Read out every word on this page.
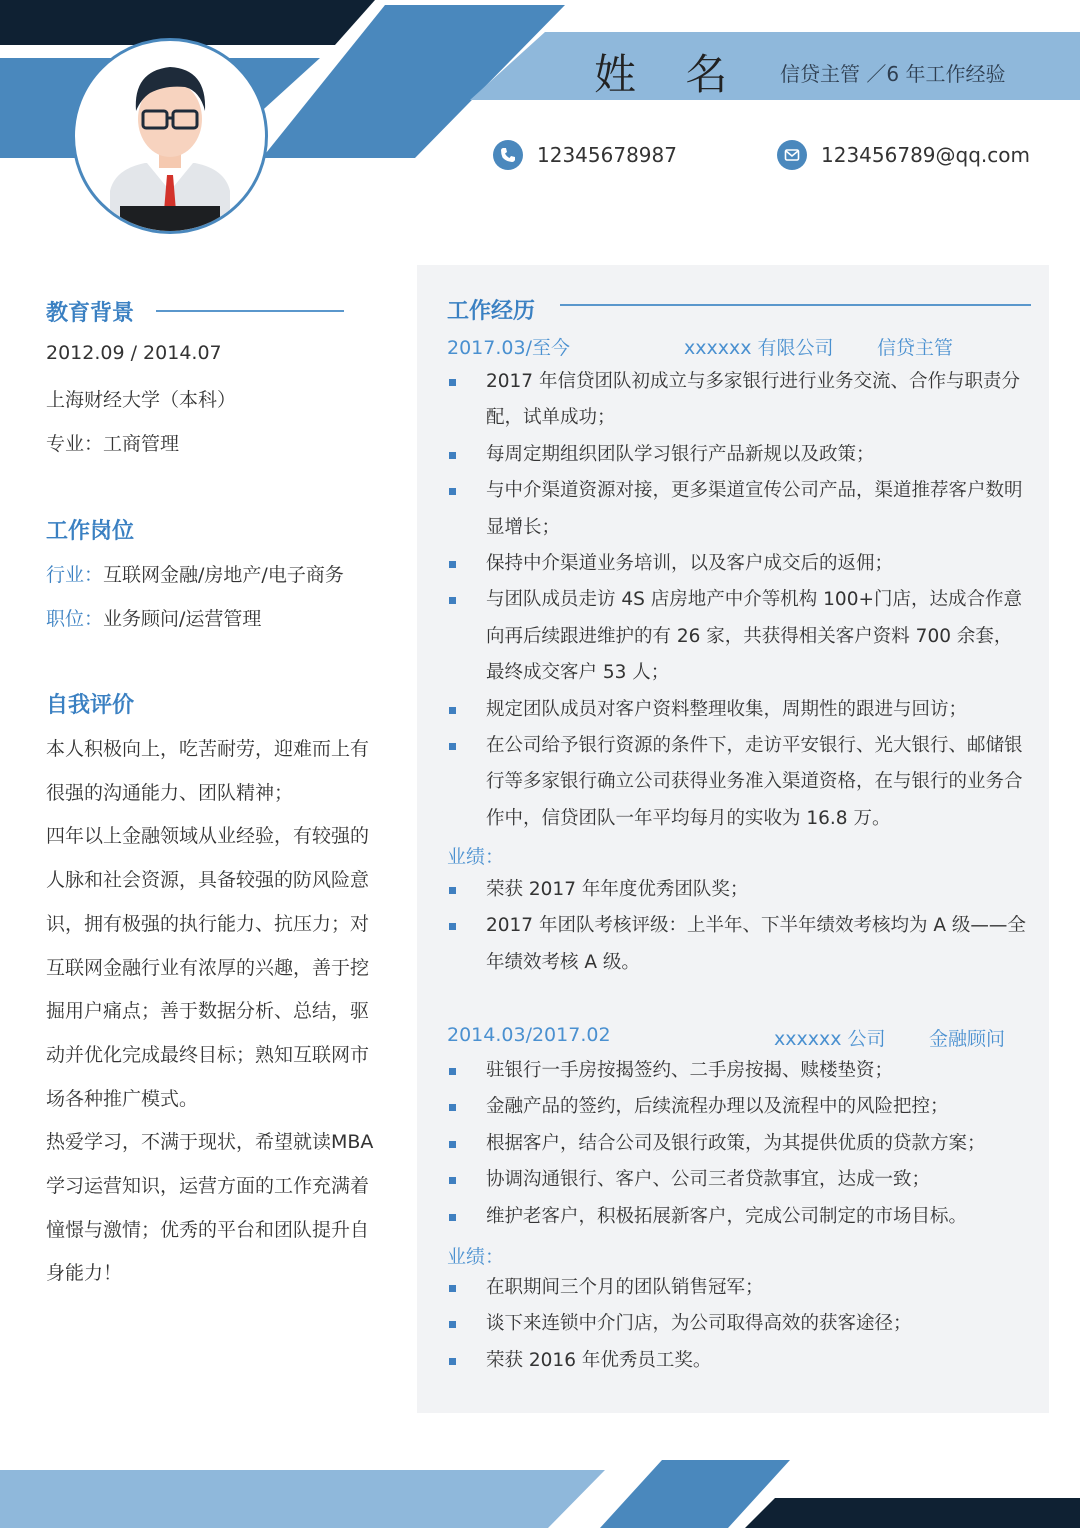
姓 名 信贷主管 ／6 年工作经验
12345678987	123456789@qq.com
教育背景
2012.09 / 2014.07
上海财经大学（本科）
专业：工商管理
工作岗位
行业：互联网金融/房地产/电子商务
职位：业务顾问/运营管理
自我评价

本人积极向上，吃苦耐劳，迎难而上有很强的沟通能力、团队精神；

四年以上金融领域从业经验，有较强的人脉和社会资源，具备较强的防风险意识，拥有极强的执行能力、抗压力；对互联网金融行业有浓厚的兴趣，善于挖掘用户痛点；善于数据分析、总结，驱动并优化完成最终目标；熟知互联网市场各种推广模式。

热爱学习，不满于现状，希望就读MBA 学习运营知识，运营方面的工作充满着憧憬与激情；优秀的平台和团队提升自身能力！

工作经历
2017.03/至今	xxxxxx 有限公司 信贷主管
2017 年信贷团队初成立与多家银行进行业务交流、合作与职责分配，试单成功；
每周定期组织团队学习银行产品新规以及政策；
与中介渠道资源对接，更多渠道宣传公司产品，渠道推荐客户数明显增长；
保持中介渠道业务培训，以及客户成交后的返佣；
与团队成员走访 4S 店房地产中介等机构 100+门店，达成合作意向再后续跟进维护的有 26 家，共获得相关客户资料 700 余套，最终成交客户 53 人；
规定团队成员对客户资料整理收集，周期性的跟进与回访；
在公司给予银行资源的条件下，走访平安银行、光大银行、邮储银行等多家银行确立公司获得业务准入渠道资格，在与银行的业务合作中，信贷团队一年平均每月的实收为 16.8 万。
业绩：
荣获 2017 年年度优秀团队奖；
2017 年团队考核评级：上半年、下半年绩效考核均为 A 级——全年绩效考核 A 级。
2014.03/2017.02	xxxxxx 公司 金融顾问
驻银行一手房按揭签约、二手房按揭、赎楼垫资；
金融产品的签约，后续流程办理以及流程中的风险把控；
根据客户，结合公司及银行政策，为其提供优质的贷款方案；
协调沟通银行、客户、公司三者贷款事宜，达成一致；
维护老客户，积极拓展新客户，完成公司制定的市场目标。
业绩：
在职期间三个月的团队销售冠军；
谈下来连锁中介门店，为公司取得高效的获客途径；
荣获 2016 年优秀员工奖。
